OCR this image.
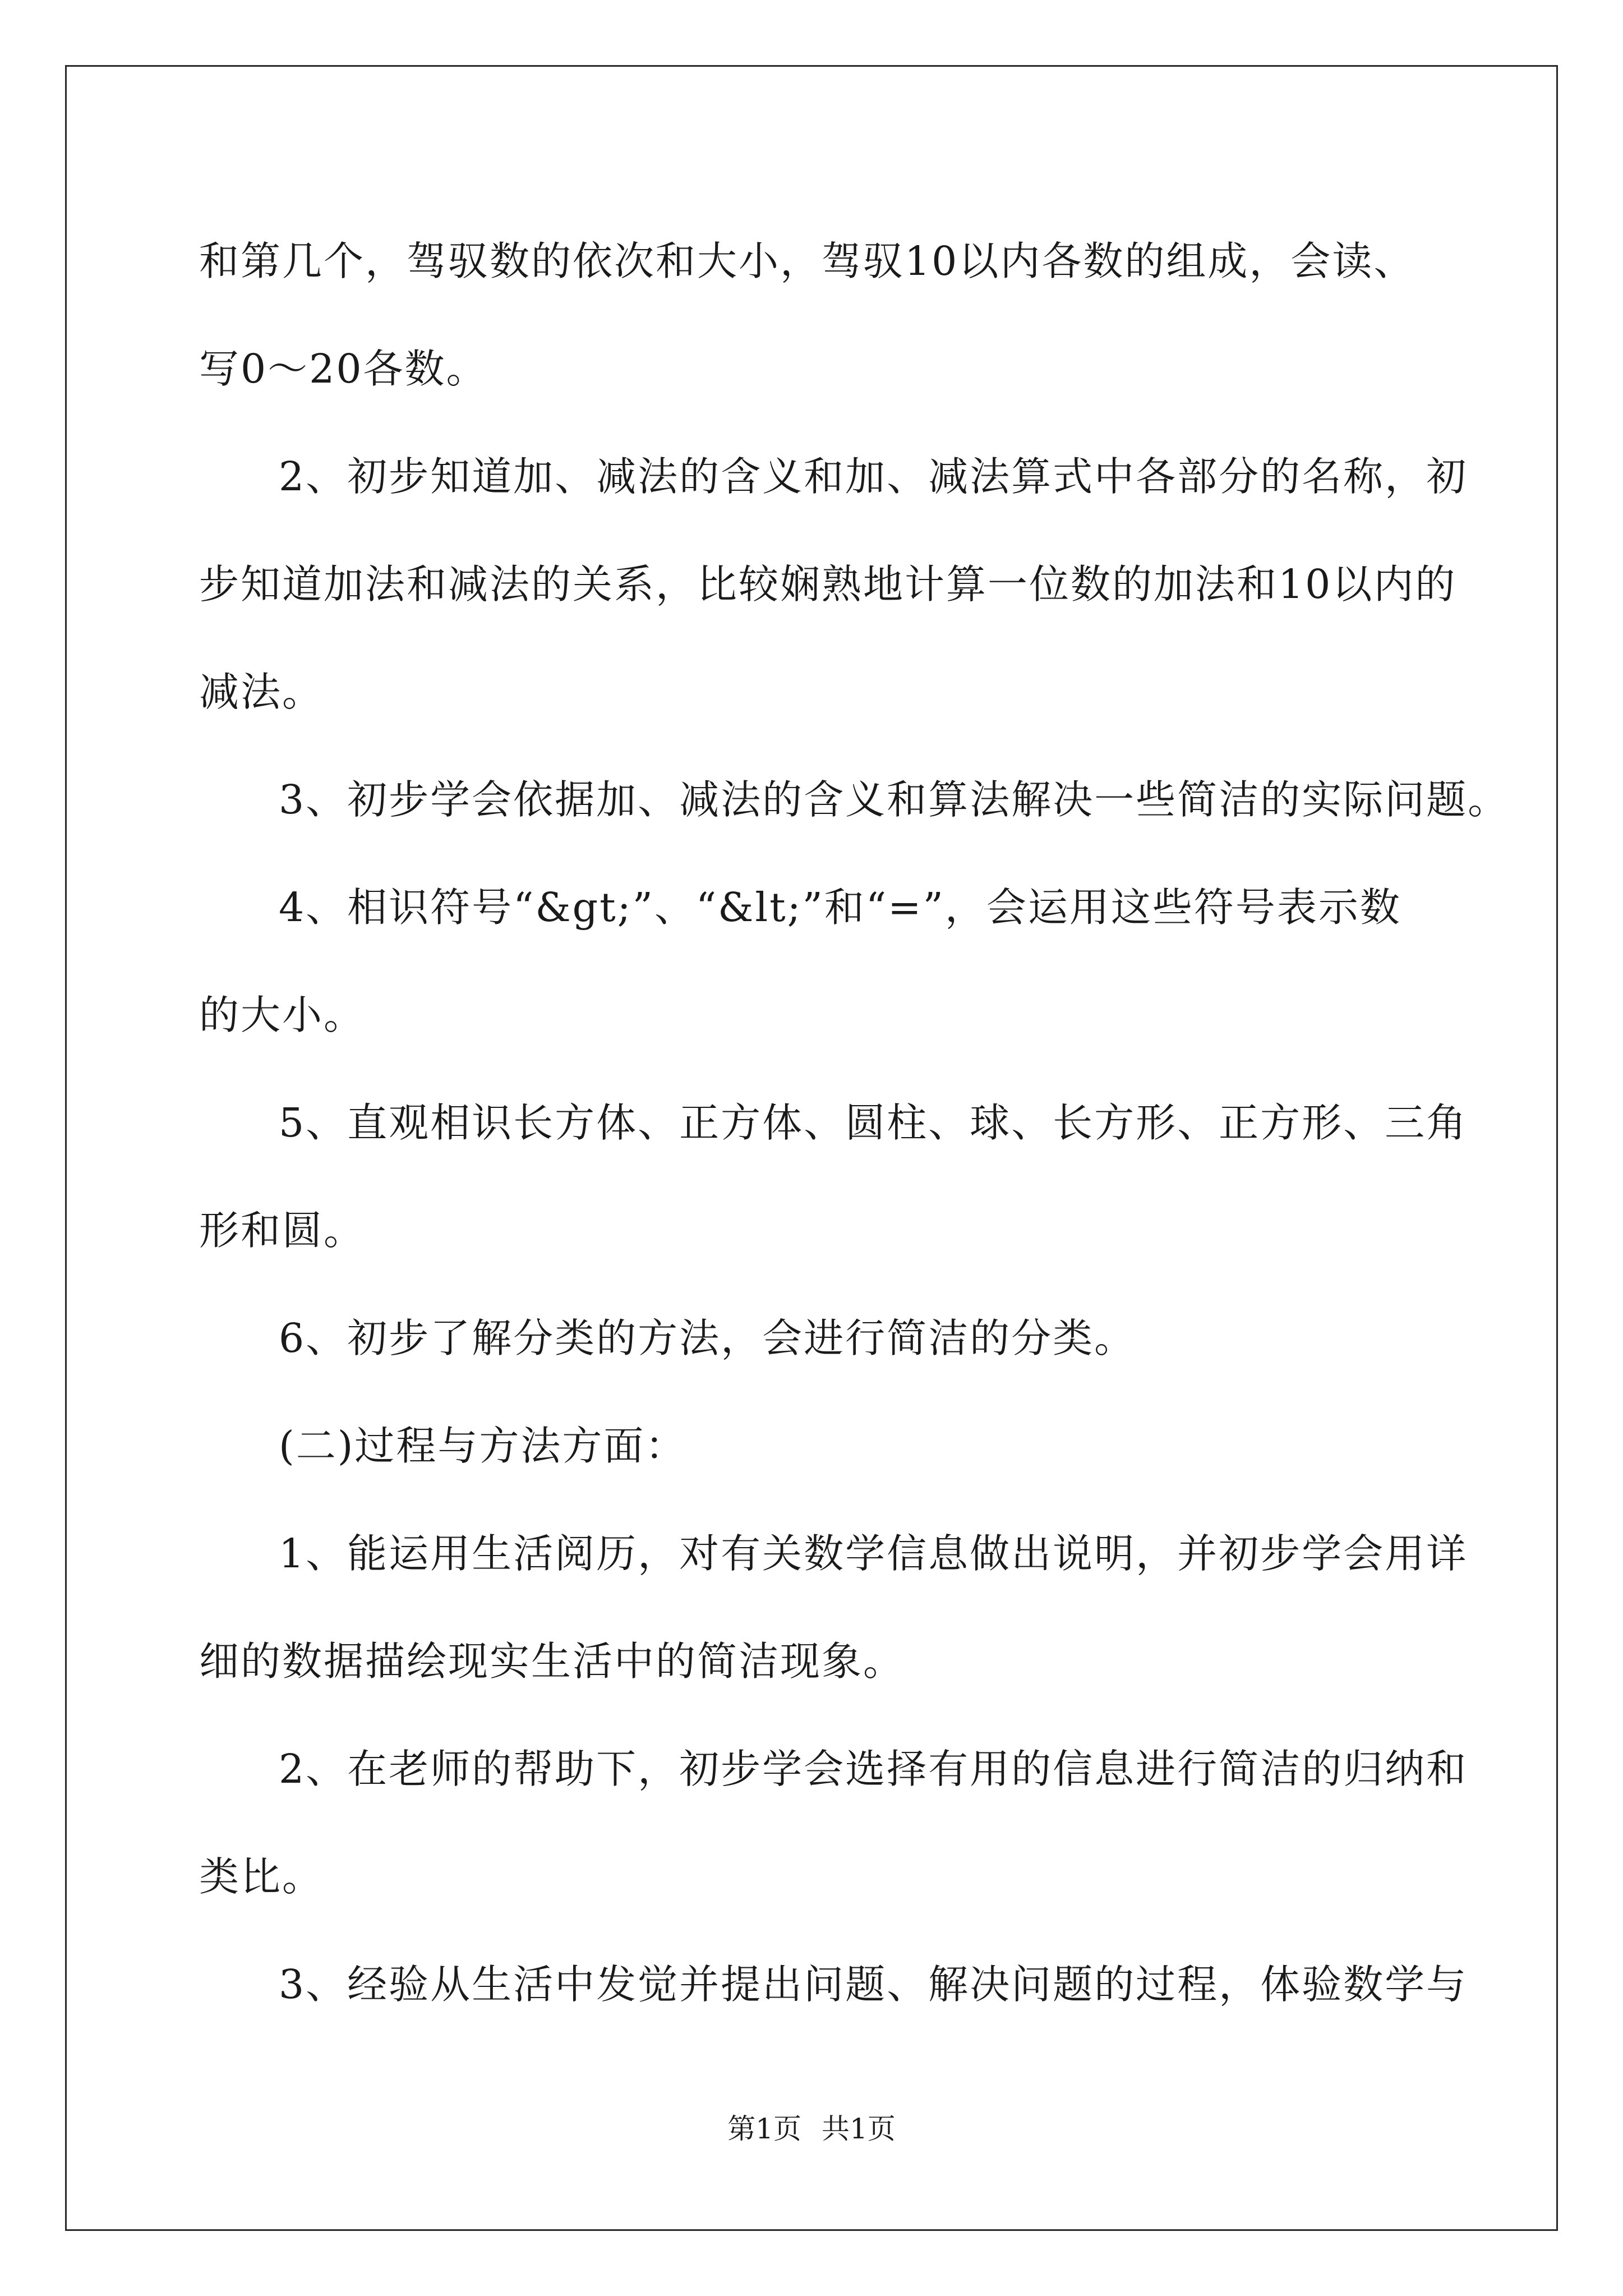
和第几个，驾驭数的依次和大小，驾驭10以内各数的组成，会读、

写0～20各数。

2、初步知道加、减法的含义和加、减法算式中各部分的名称，初

步知道加法和减法的关系，比较娴熟地计算一位数的加法和10以内的

减法。

3、初步学会依据加、减法的含义和算法解决一些简洁的实际问题。

4、相识符号“&gt;”、“&lt;”和“=”，会运用这些符号表示数

的大小。

5、直观相识长方体、正方体、圆柱、球、长方形、正方形、三角

形和圆。

6、初步了解分类的方法，会进行简洁的分类。

(二)过程与方法方面：

1、能运用生活阅历，对有关数学信息做出说明，并初步学会用详

细的数据描绘现实生活中的简洁现象。

2、在老师的帮助下，初步学会选择有用的信息进行简洁的归纳和

类比。

3、经验从生活中发觉并提出问题、解决问题的过程，体验数学与

第1页 共1页
